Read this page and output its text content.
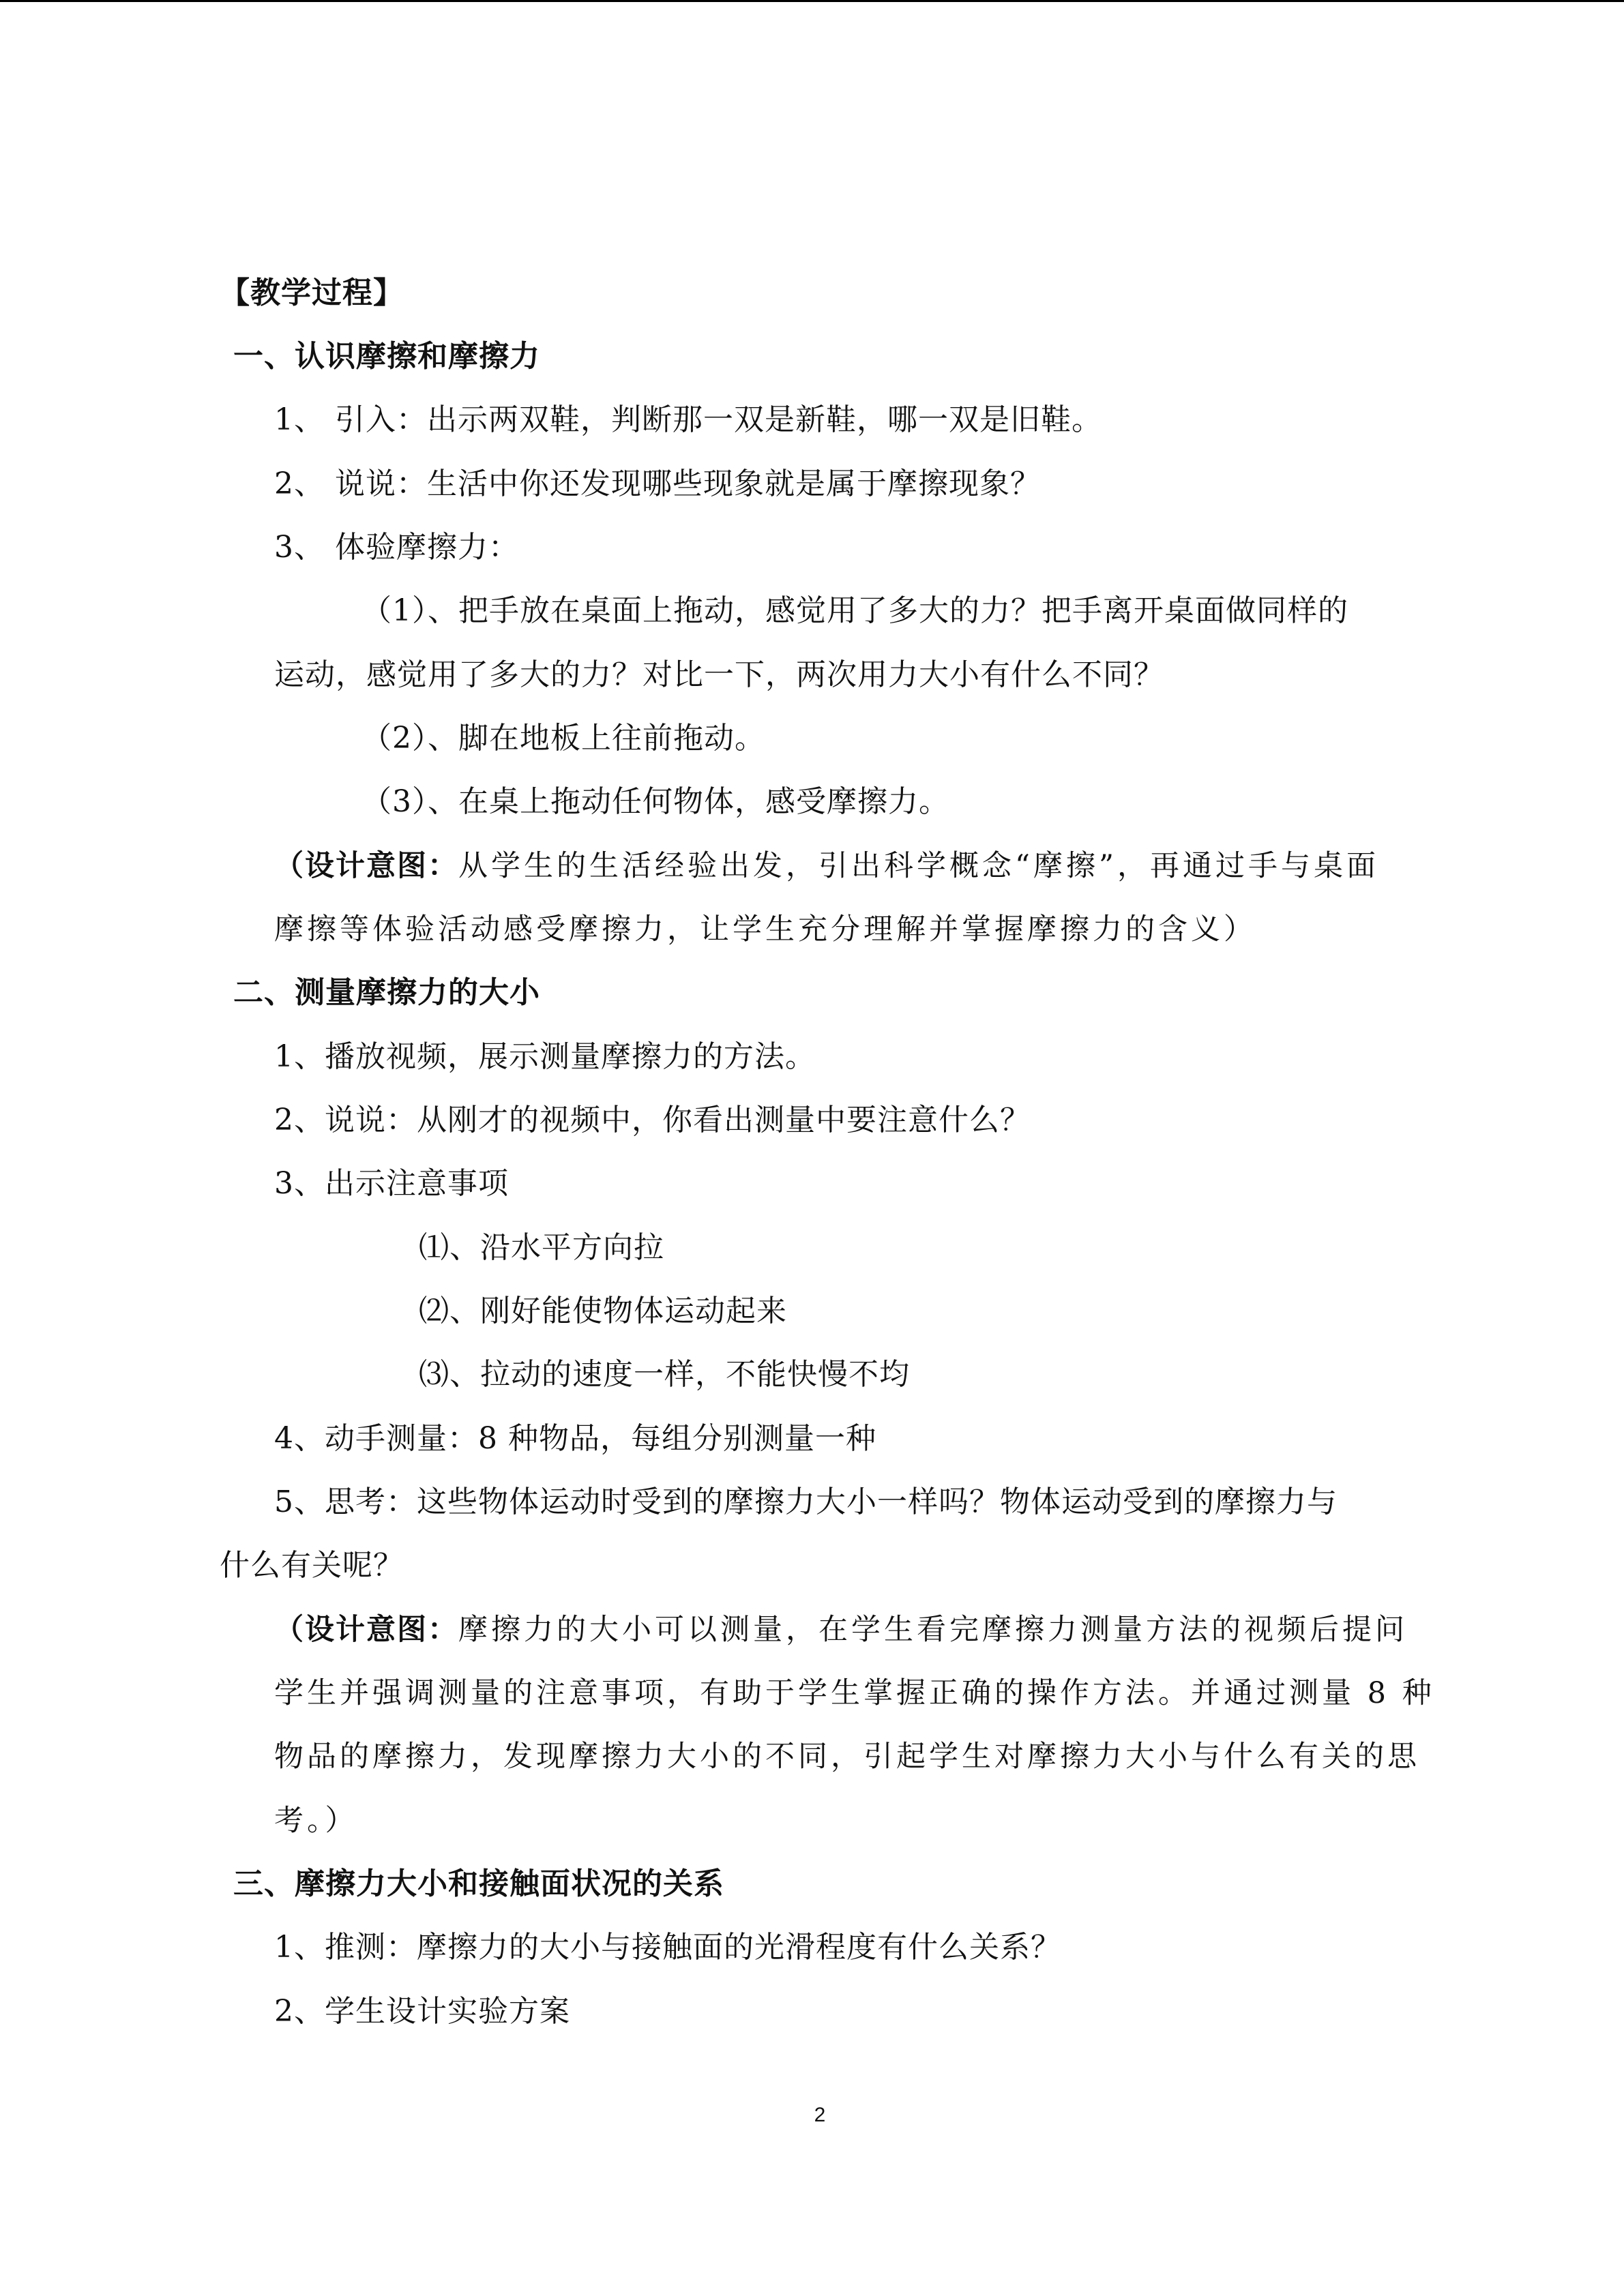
【教学过程】
一、认识摩擦和摩擦力
1、 引入：出示两双鞋，判断那一双是新鞋，哪一双是旧鞋。
2、 说说：生活中你还发现哪些现象就是属于摩擦现象？
3、 体验摩擦力：
（1）、把手放在桌面上拖动，感觉用了多大的力？把手离开桌面做同样的
运动，感觉用了多大的力？对比一下，两次用力大小有什么不同？
（2）、脚在地板上往前拖动。
（3）、在桌上拖动任何物体，感受摩擦力。
（设计意图：从学生的生活经验出发，引出科学概念“摩擦”，再通过手与桌面
摩擦等体验活动感受摩擦力，让学生充分理解并掌握摩擦力的含义）
二、测量摩擦力的大小
1、播放视频，展示测量摩擦力的方法。
2、说说：从刚才的视频中，你看出测量中要注意什么？
3、出示注意事项
⑴、沿水平方向拉
⑵、刚好能使物体运动起来
⑶、拉动的速度一样，不能快慢不均
4、动手测量：8 种物品，每组分别测量一种
5、思考：这些物体运动时受到的摩擦力大小一样吗？物体运动受到的摩擦力与
什么有关呢？
（设计意图：摩擦力的大小可以测量，在学生看完摩擦力测量方法的视频后提问
学生并强调测量的注意事项，有助于学生掌握正确的操作方法。并通过测量 8 种
物品的摩擦力，发现摩擦力大小的不同，引起学生对摩擦力大小与什么有关的思
考。）
三、摩擦力大小和接触面状况的关系
1、推测：摩擦力的大小与接触面的光滑程度有什么关系？
2、学生设计实验方案
2
